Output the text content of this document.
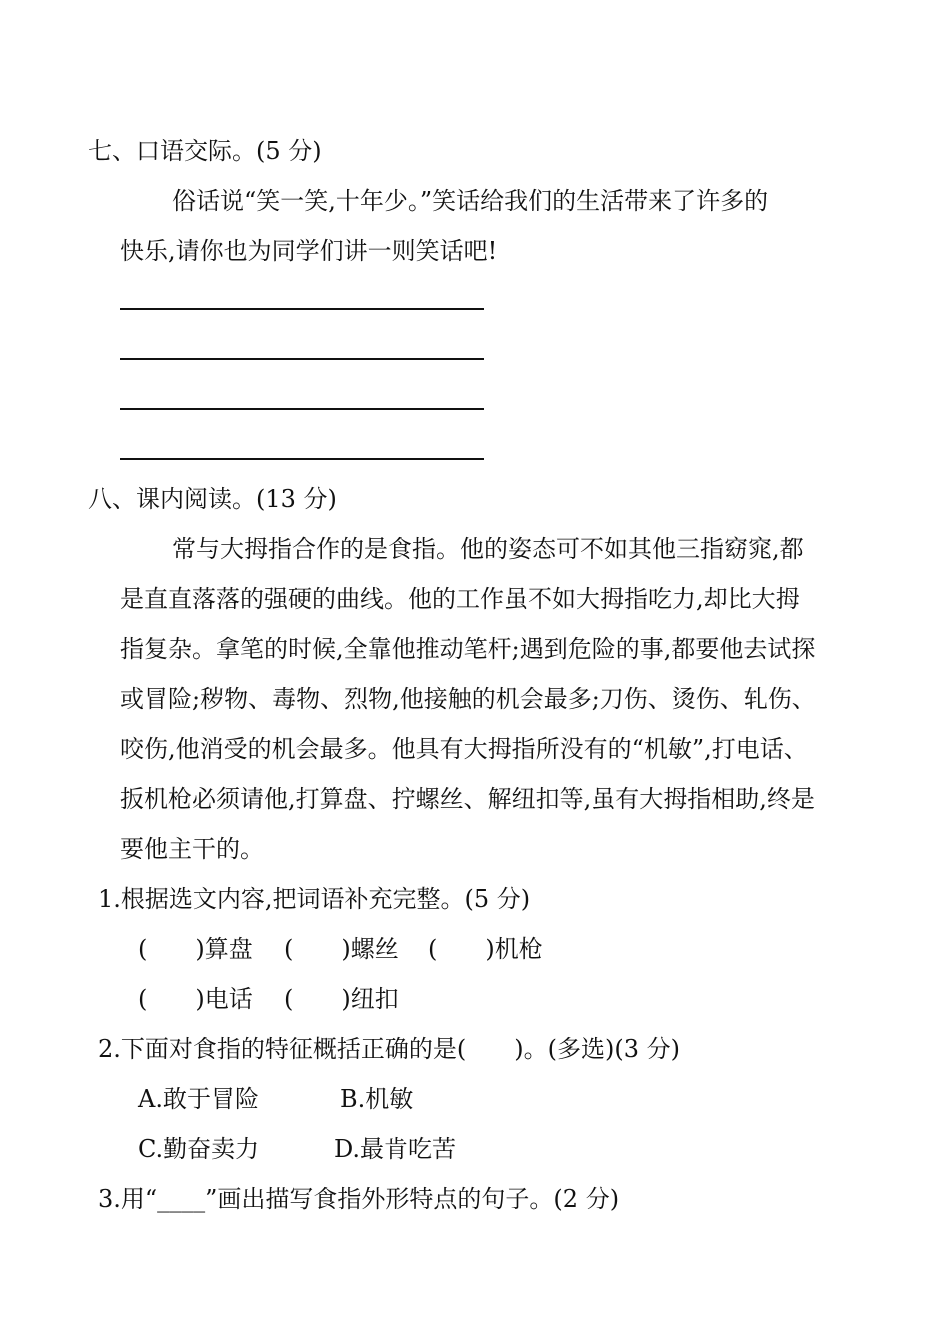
七、口语交际。(5 分)
俗话说“笑一笑,十年少。”笑话给我们的生活带来了许多的
快乐,请你也为同学们讲一则笑话吧!
八、课内阅读。(13 分)
常与大拇指合作的是食指。他的姿态可不如其他三指窈窕,都
是直直落落的强硬的曲线。他的工作虽不如大拇指吃力,却比大拇
指复杂。拿笔的时候,全靠他推动笔杆;遇到危险的事,都要他去试探
或冒险;秽物、毒物、烈物,他接触的机会最多;刀伤、烫伤、轧伤、
咬伤,他消受的机会最多。他具有大拇指所没有的“机敏”,打电话、
扳机枪必须请他,打算盘、拧螺丝、解纽扣等,虽有大拇指相助,终是
要他主干的。
1.根据选文内容,把词语补充完整。(5 分)
(　　)算盘 (　　)螺丝 (　　)机枪
(　　)电话 (　　)纽扣
2.下面对食指的特征概括正确的是(　　)。(多选)(3 分)
A.敢于冒险	B.机敏
C.勤奋卖力	D.最肯吃苦
3.用“____”画出描写食指外形特点的句子。(2 分)
